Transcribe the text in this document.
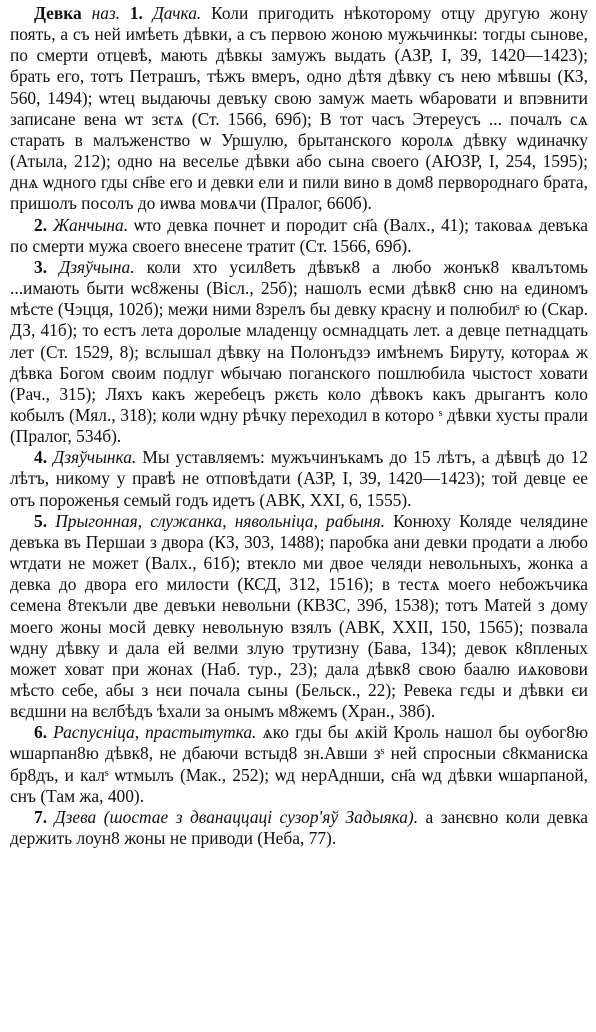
Девка наз. 1. Дачка. Коли пригодить нѣкоторому отцу другую жону поять, а съ ней имѣеть дѣвки, а съ первою жоною мужьчинкы: тогды сынове, по смерти отцевѣ, мають дѣвкы замужъ выдать (АЗР, I, 39, 1420—1423); брать его, тотъ Петрашъ, тѣжъ вмеръ, одно дѣтя дѣвку съ нею мѣвшы (КЗ, 560, 1494); ѡтец выдаючы девъку свою замуж маеть ѡбаровати и впэвнити записане вена ѡт зєтѧ (Ст. 1566, 69б); В тот часъ Этереусъ ... почалъ сѧ старать в малъженство ѡ Уршулю, брытанского королѧ дѣвку ѡдиначку (Атыла, 212); одно на веселье дѣвки або сына своего (АЮЗР, I, 254, 1595); днѧ ѡдного гды сн҃ве его и девки ели и пили вино в дом8 первороднаго брата, пришолъ посолъ до иѡва мовѧчи (Пралог, 660б).

2. Жанчына. ѡто девка почнет и породит сн҃а (Валх., 41); таковаѧ девъка по смерти мужа своего внесене тратит (Ст. 1566, 69б).

3. Дзяўчына. коли хто усил8еть дѣвък8 а любо жонък8 квалътомь ...имають быти ѡс8жены (Вісл., 25б); нашолъ есми дѣвк8 сню на единомъ мѣсте (Чэцця, 102б); межи ними 8зрелъ бы девку красну и полюбилˢ ю (Скар. ДЗ, 41б); то естъ лета доролые младенцу осмнадцать лет. а девце петнадцать лет (Ст. 1529, 8); вслышал дѣвку на Полонъдзэ имѣнемъ Бируту, котораѧ ж дѣвка Богом своим подлуг ѡбычаю поганского пошлюбила чыстост ховати (Рач., 315); Ляхъ какъ жеребецъ ржєть коло дѣвокъ какъ дрыгантъ коло кобылъ (Мял., 318); коли ѡдну рѣчку переходил в которо ˢ дѣвки хусты прали (Пралог, 534б).

4. Дзяўчынка. Мы уставляемъ: мужъчинъкамъ до 15 лѣтъ, а дѣвцѣ до 12 лѣтъ, никому у правѣ не отповѣдати (АЗР, I, 39, 1420—1423); той девце ее отъ пороженья семый годъ идетъ (АВК, XXI, 6, 1555).

5. Прыгонная, служанка, нявольніца, рабыня. Конюху Коляде челядине девъка въ Першаи з двора (КЗ, 303, 1488); паробка ани девки продати а любо ѡтдати не может (Валх., 61б); втекло ми двое челяди невольныхъ, жонка а девка до двора его милости (КСД, 312, 1516); в тестѧ моего небожъчика семена 8текъли две девъки невольни (КВЗС, 39б, 1538); тотъ Матей з дому моего жоны мосй девку невольную взялъ (АВК, XXII, 150, 1565); позвала ѡдну дѣвку и дала ей велми злую трутизну (Бава, 134); девок к8пленых может ховат при жонах (Наб. тур., 23); дала дѣвк8 свою баалю иѧковови мѣсто себе, абы з нєи почала сыны (Бельск., 22); Ревека гєды и дѣвки єи вєдшни на вєлбѣдъ ѣхали за онымъ м8жемъ (Хран., 38б).

6. Распусніца, прастытутка. ѧко гды бы ѧкій Кроль нашол бы оубог8ю ѡшарпан8ю дѣвк8, не дбаючи встыд8 зн.Авши зˢ ней спросныи с8кманиска бр8дъ, и калˢ ѡтмылъ (Мак., 252); ѡд нерАднши, сн҃а ѡд дѣвки ѡшарпаной, снъ (Там жа, 400).

7. Дзева (шостае з дванаццаці сузор'яў Задыяка). а занєвно коли девка держить лоун8 жоны не приводи (Неба, 77).
